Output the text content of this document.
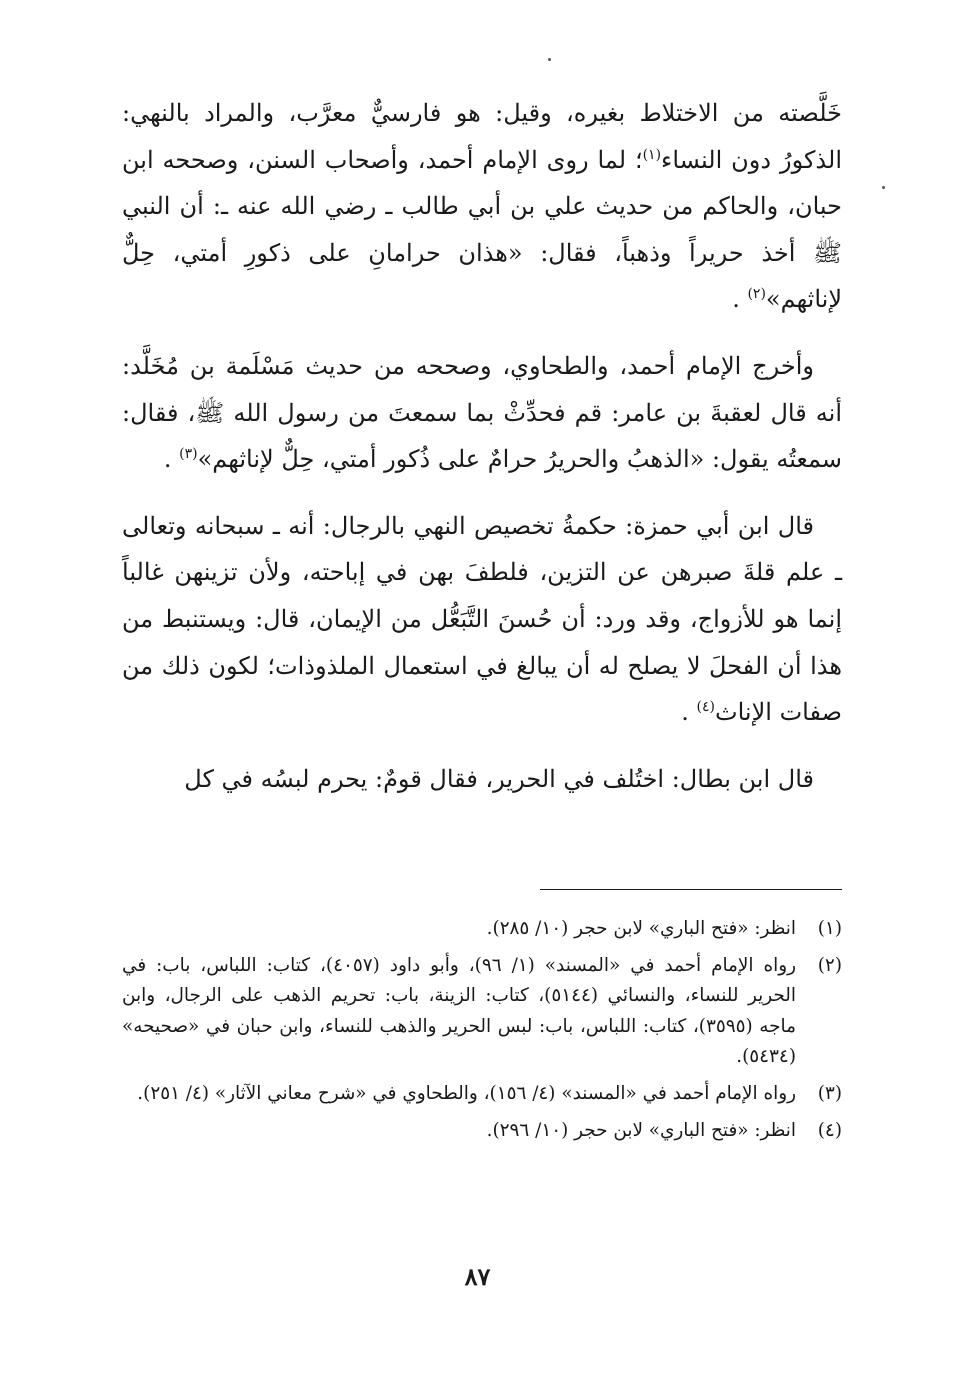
خَلَّصته من الاختلاط بغيره، وقيل: هو فارسيٌّ معرَّب، والمراد بالنهي: الذكورُ دون النساء$^{(١)}$؛ لما روى الإمام أحمد، وأصحاب السنن، وصححه ابن حبان، والحاكم من حديث علي بن أبي طالب ـ رضي الله عنه ـ: أن النبي ﷺ أخذ حريراً وذهباً، فقال: «هذان حرامانِ على ذكورِ أمتي، حِلٌّ لإناثهم»$^{(٢)}$ .

وأخرج الإمام أحمد، والطحاوي، وصححه من حديث مَسْلَمة بن مُخَلَّد: أنه قال لعقبةَ بن عامر: قم فحدِّثْ بما سمعتَ من رسول الله ﷺ، فقال: سمعتُه يقول: «الذهبُ والحريرُ حرامٌ على ذُكور أمتي، حِلٌّ لإناثهم»$^{(٣)}$ .

قال ابن أبي حمزة: حكمةُ تخصيص النهي بالرجال: أنه ـ سبحانه وتعالى ـ علم قلةَ صبرهن عن التزين، فلطفَ بهن في إباحته، ولأن تزينهن غالباً إنما هو للأزواج، وقد ورد: أن حُسنَ التَّبَعُّل من الإيمان، قال: ويستنبط من هذا أن الفحلَ لا يصلح له أن يبالغ في استعمال الملذوذات؛ لكون ذلك من صفات الإناث$^{(٤)}$ .

قال ابن بطال: اختُلف في الحرير، فقال قومٌ: يحرم لبسُه في كل

(١)
انظر: «فتح الباري» لابن حجر (١٠/ ٢٨٥).
(٢)
رواه الإمام أحمد في «المسند» (١/ ٩٦)، وأبو داود (٤٠٥٧)، كتاب: اللباس، باب: في الحرير للنساء، والنسائي (٥١٤٤)، كتاب: الزينة، باب: تحريم الذهب على الرجال، وابن ماجه (٣٥٩٥)، كتاب: اللباس، باب: لبس الحرير والذهب للنساء، وابن حبان في «صحيحه» (٥٤٣٤).
(٣)
رواه الإمام أحمد في «المسند» (٤/ ١٥٦)، والطحاوي في «شرح معاني الآثار» (٤/ ٢٥١).
(٤)
انظر: «فتح الباري» لابن حجر (١٠/ ٢٩٦).
٨٧
